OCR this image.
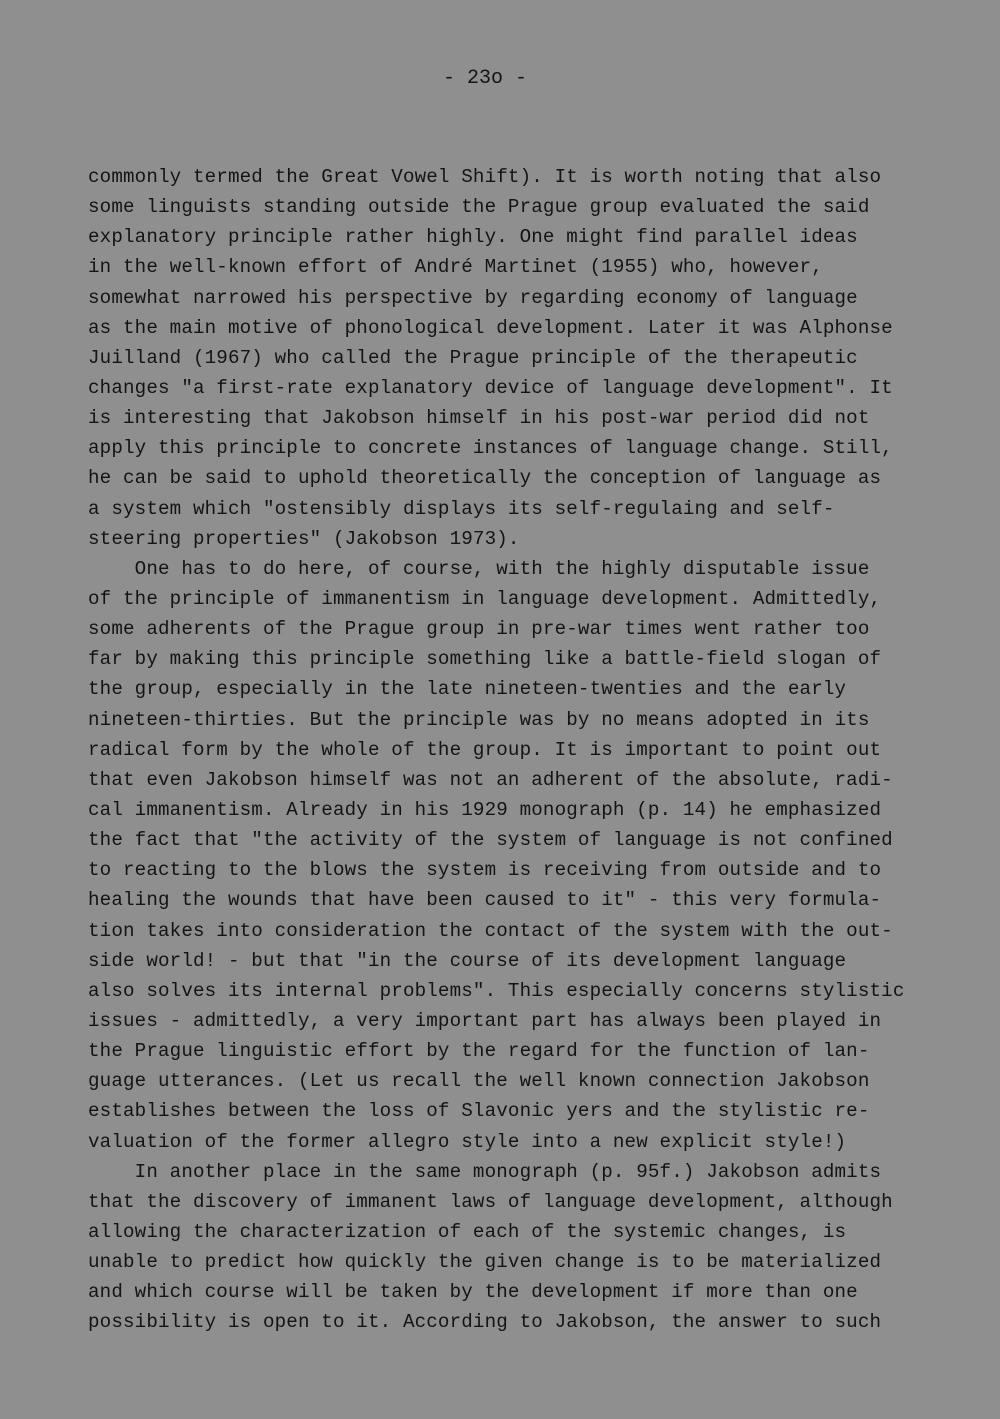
- 23o -
commonly termed the Great Vowel Shift). It is worth noting that also
some linguists standing outside the Prague group evaluated the said
explanatory principle rather highly. One might find parallel ideas
in the well-known effort of André Martinet (1955) who, however,
somewhat narrowed his perspective by regarding economy of language
as the main motive of phonological development. Later it was Alphonse
Juilland (1967) who called the Prague principle of the therapeutic
changes "a first-rate explanatory device of language development". It
is interesting that Jakobson himself in his post-war period did not
apply this principle to concrete instances of language change. Still,
he can be said to uphold theoretically the conception of language as
a system which "ostensibly displays its self-regulaing and self-
steering properties" (Jakobson 1973).
One has to do here, of course, with the highly disputable issue
of the principle of immanentism in language development. Admittedly,
some adherents of the Prague group in pre-war times went rather too
far by making this principle something like a battle-field slogan of
the group, especially in the late nineteen-twenties and the early
nineteen-thirties. But the principle was by no means adopted in its
radical form by the whole of the group. It is important to point out
that even Jakobson himself was not an adherent of the absolute, radi-
cal immanentism. Already in his 1929 monograph (p. 14) he emphasized
the fact that "the activity of the system of language is not confined
to reacting to the blows the system is receiving from outside and to
healing the wounds that have been caused to it" - this very formula-
tion takes into consideration the contact of the system with the out-
side world! - but that "in the course of its development language
also solves its internal problems". This especially concerns stylistic
issues - admittedly, a very important part has always been played in
the Prague linguistic effort by the regard for the function of lan-
guage utterances. (Let us recall the well known connection Jakobson
establishes between the loss of Slavonic yers and the stylistic re-
valuation of the former allegro style into a new explicit style!)
In another place in the same monograph (p. 95f.) Jakobson admits
that the discovery of immanent laws of language development, although
allowing the characterization of each of the systemic changes, is
unable to predict how quickly the given change is to be materialized
and which course will be taken by the development if more than one
possibility is open to it. According to Jakobson, the answer to such
